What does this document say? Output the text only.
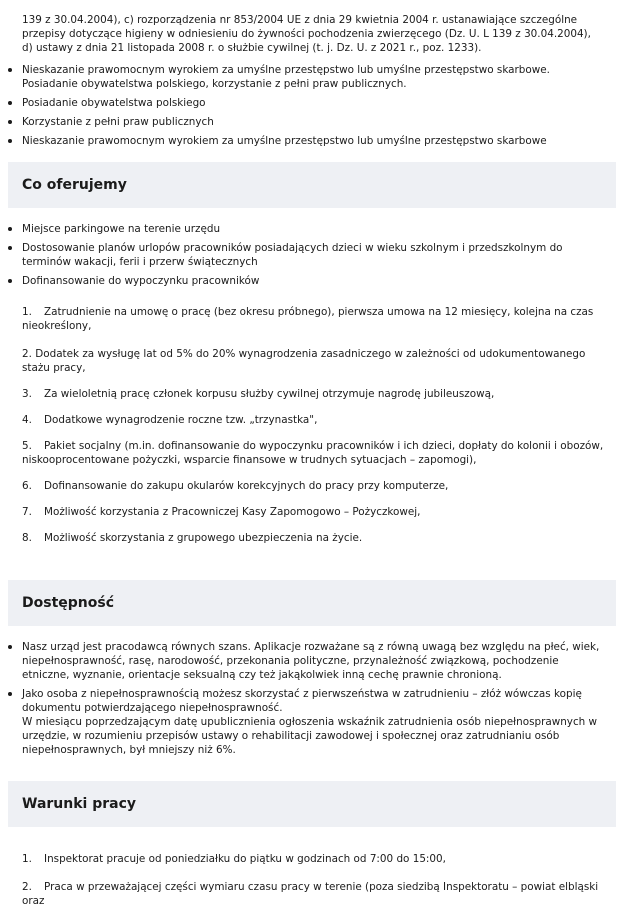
139 z 30.04.2004), c) rozporządzenia nr 853/2004 UE z dnia 29 kwietnia 2004 r. ustanawiające szczególne przepisy dotyczące higieny w odniesieniu do żywności pochodzenia zwierzęcego (Dz. U. L 139 z 30.04.2004), d) ustawy z dnia 21 listopada 2008 r. o służbie cywilnej (t. j. Dz. U. z 2021 r., poz. 1233).
Nieskazanie prawomocnym wyrokiem za umyślne przestępstwo lub umyślne przestępstwo skarbowe. Posiadanie obywatelstwa polskiego, korzystanie z pełni praw publicznych.
Posiadanie obywatelstwa polskiego
Korzystanie z pełni praw publicznych
Nieskazanie prawomocnym wyrokiem za umyślne przestępstwo lub umyślne przestępstwo skarbowe
Co oferujemy
Miejsce parkingowe na terenie urzędu
Dostosowanie planów urlopów pracowników posiadających dzieci w wieku szkolnym i przedszkolnym do terminów wakacji, ferii i przerw świątecznych
Dofinansowanie do wypoczynku pracowników
1. Zatrudnienie na umowę o pracę (bez okresu próbnego), pierwsza umowa na 12 miesięcy, kolejna na czas nieokreślony,
2. Dodatek za wysługę lat od 5% do 20% wynagrodzenia zasadniczego w zależności od udokumentowanego stażu pracy,
3. Za wieloletnią pracę członek korpusu służby cywilnej otrzymuje nagrodę jubileuszową,
4. Dodatkowe wynagrodzenie roczne tzw. „trzynastka",
5. Pakiet socjalny (m.in. dofinansowanie do wypoczynku pracowników i ich dzieci, dopłaty do kolonii i obozów, niskooprocentowane pożyczki, wsparcie finansowe w trudnych sytuacjach – zapomogi),
6. Dofinansowanie do zakupu okularów korekcyjnych do pracy przy komputerze,
7. Możliwość korzystania z Pracowniczej Kasy Zapomogowo – Pożyczkowej,
8. Możliwość skorzystania z grupowego ubezpieczenia na życie.
Dostępność
Nasz urząd jest pracodawcą równych szans. Aplikacje rozważane są z równą uwagą bez względu na płeć, wiek, niepełnosprawność, rasę, narodowość, przekonania polityczne, przynależność związkową, pochodzenie etniczne, wyznanie, orientacje seksualną czy też jakąkolwiek inną cechę prawnie chronioną.
Jako osoba z niepełnosprawnością możesz skorzystać z pierwszeństwa w zatrudnieniu – złóż wówczas kopię dokumentu potwierdzającego niepełnosprawność.
W miesiącu poprzedzającym datę upublicznienia ogłoszenia wskaźnik zatrudnienia osób niepełnosprawnych w urzędzie, w rozumieniu przepisów ustawy o rehabilitacji zawodowej i społecznej oraz zatrudnianiu osób niepełnosprawnych, był mniejszy niż 6%.
Warunki pracy
1. Inspektorat pracuje od poniedziałku do piątku w godzinach od 7:00 do 15:00,
2. Praca w przeważającej części wymiaru czasu pracy w terenie (poza siedzibą Inspektoratu – powiat elbląski oraz
